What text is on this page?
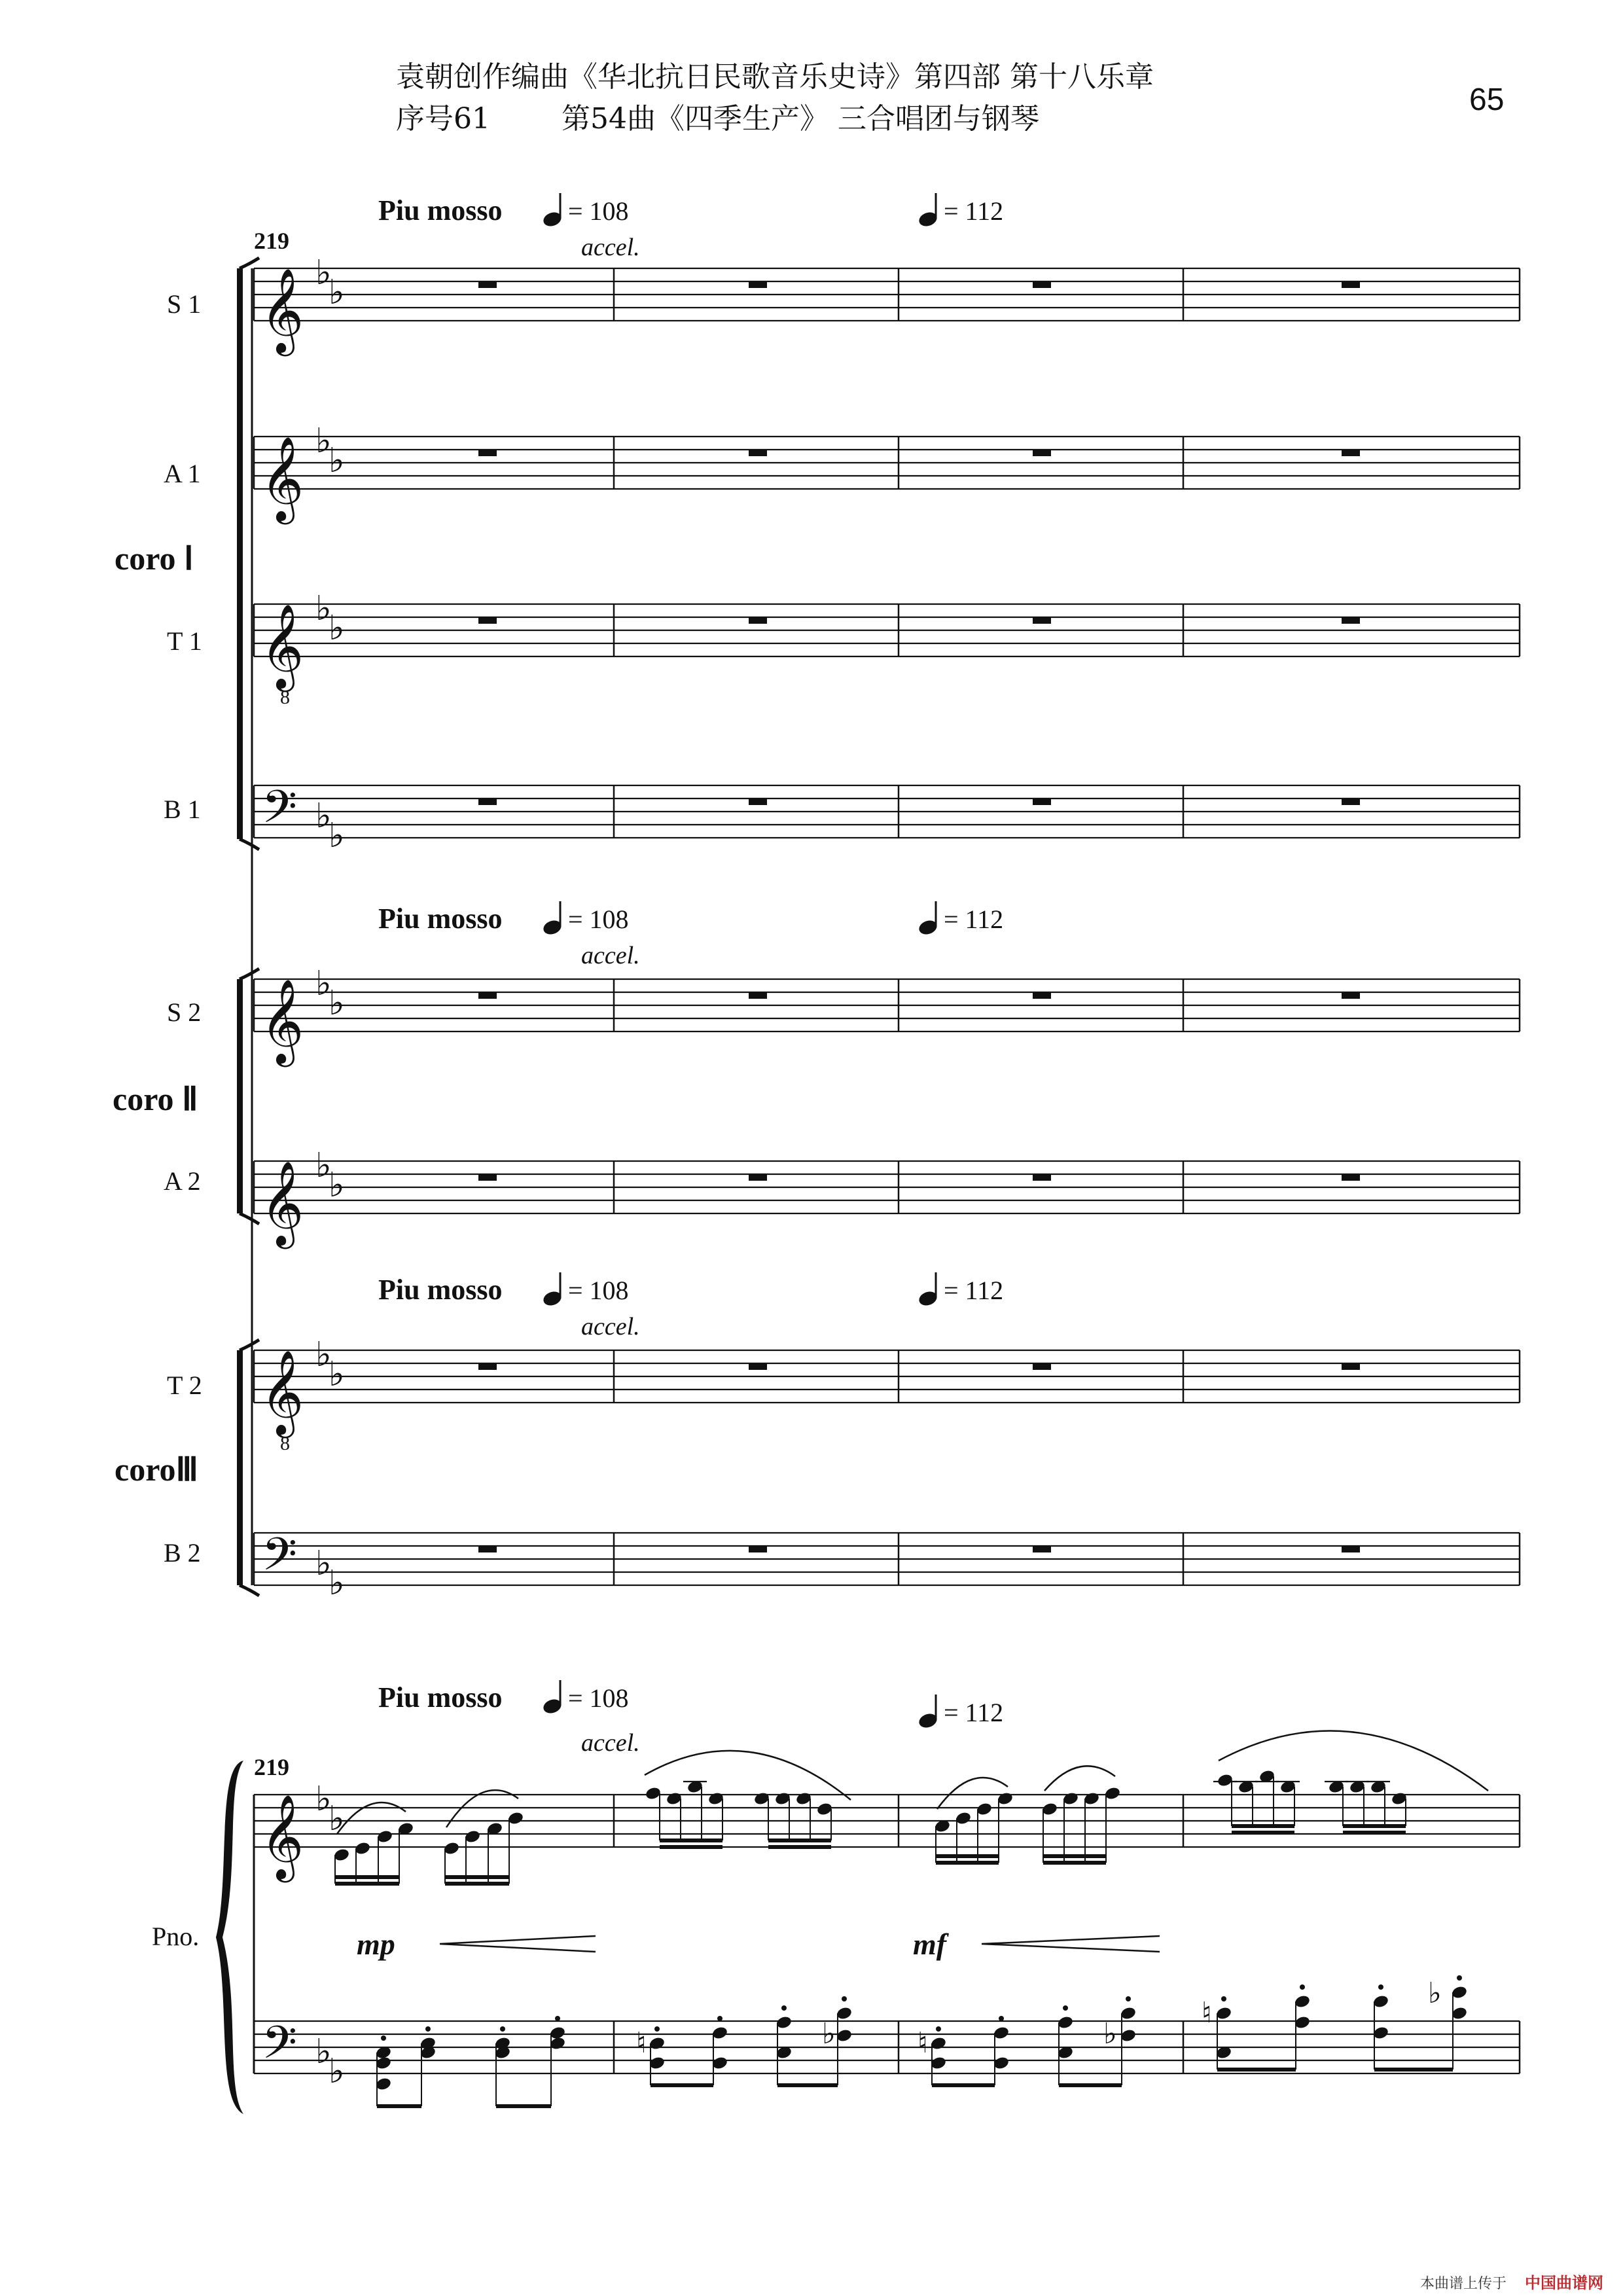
袁朝创作编曲《华北抗日民歌音乐史诗》第四部 第十八乐章
序号61 第54曲《四季生产》 三合唱团与钢琴
65
Piu mosso	= 108
accel.
= 112
Piu mosso	= 108
accel.
= 112
Piu mosso	= 108
accel.
= 112
Piu mosso	= 108
accel.
= 112
219
219
S 1
A 1
T 1
B 1
S 2
A 2
T 2
B 2
Pno.
coro Ⅰ
coro Ⅱ
coroⅢ
𝄞 ♭
♭
𝄞 ♭
♭
𝄞 ♭
♭
8
𝄢 ♭
♭
𝄞 ♭
♭
𝄞 ♭
♭
𝄞 ♭
♭
8
𝄢 ♭
♭
𝄞 ♭
♭
𝄢 ♭
♭
♮	♭	♮	♭
♮
♭
mp	mf
本曲谱上传于 中国曲谱网
